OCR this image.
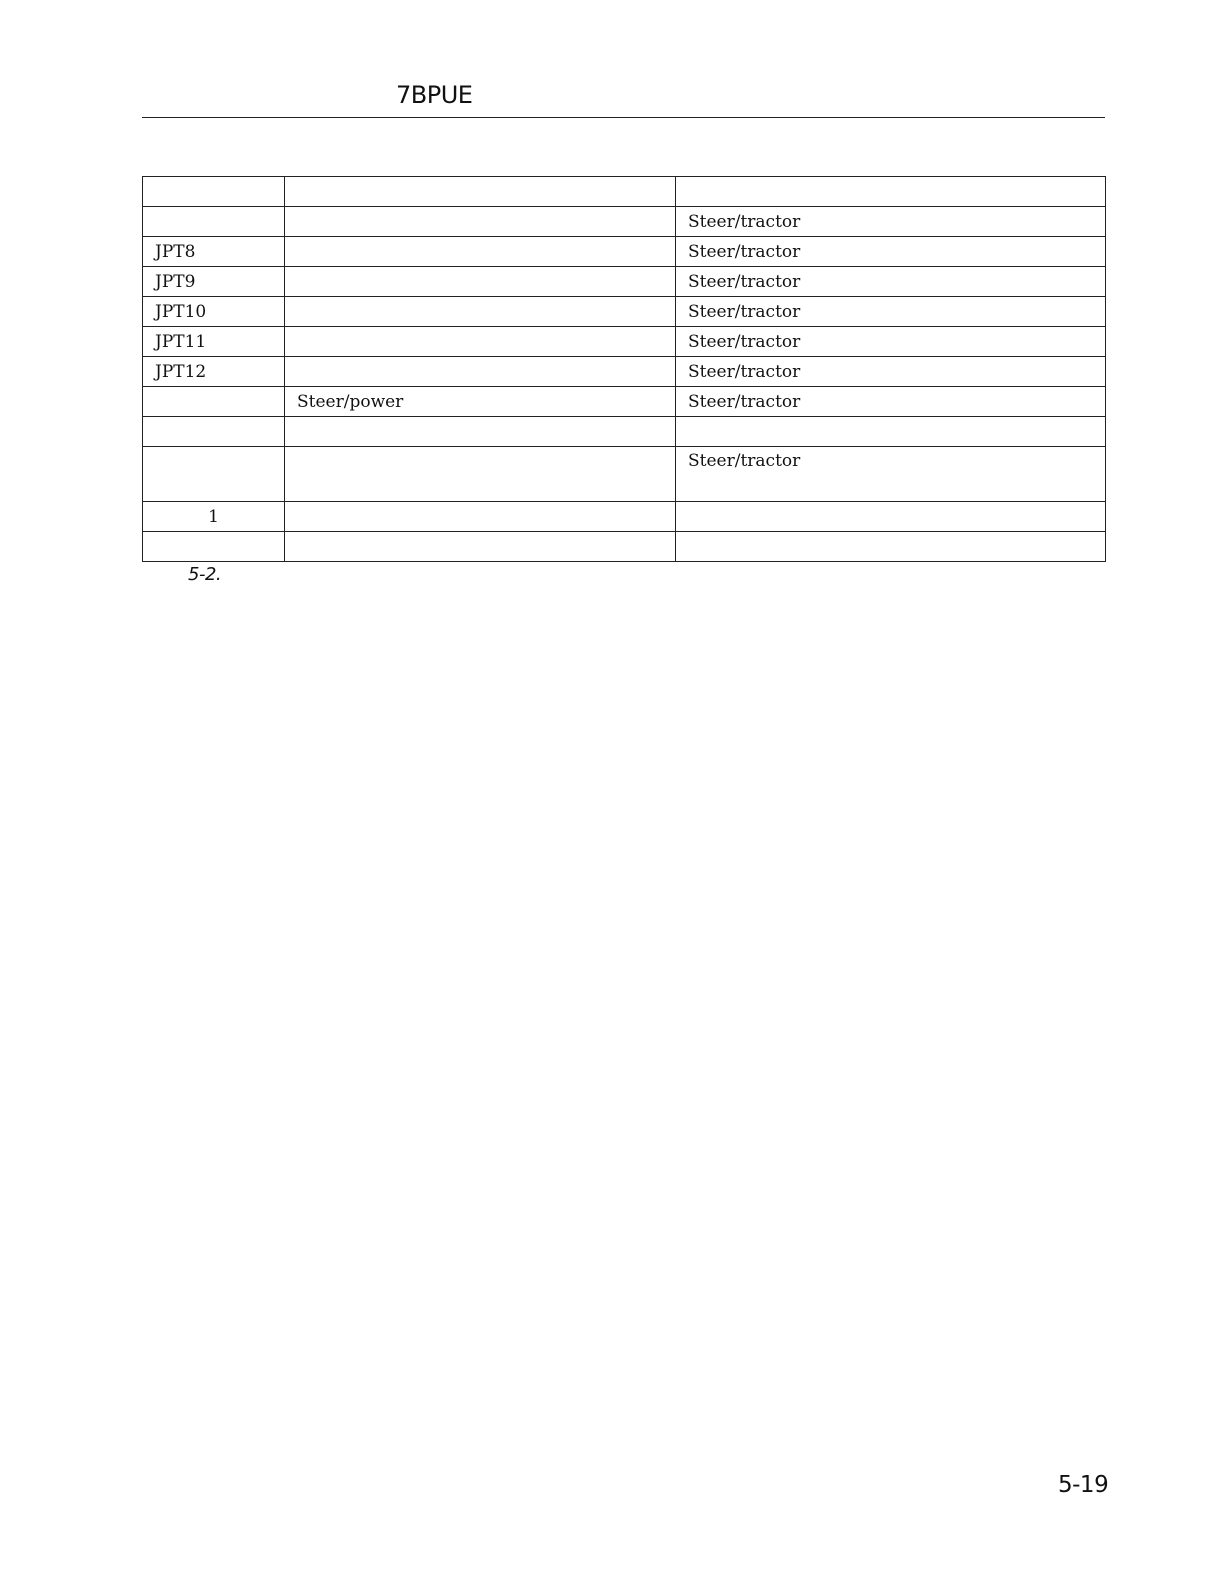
7BPUE

		Steer/tractor
JPT8		Steer/tractor
JPT9		Steer/tractor
JPT10		Steer/tractor
JPT11		Steer/tractor
JPT12		Steer/tractor
	Steer/power	Steer/tractor

		Steer/tractor
1		

5-2.
5-19
